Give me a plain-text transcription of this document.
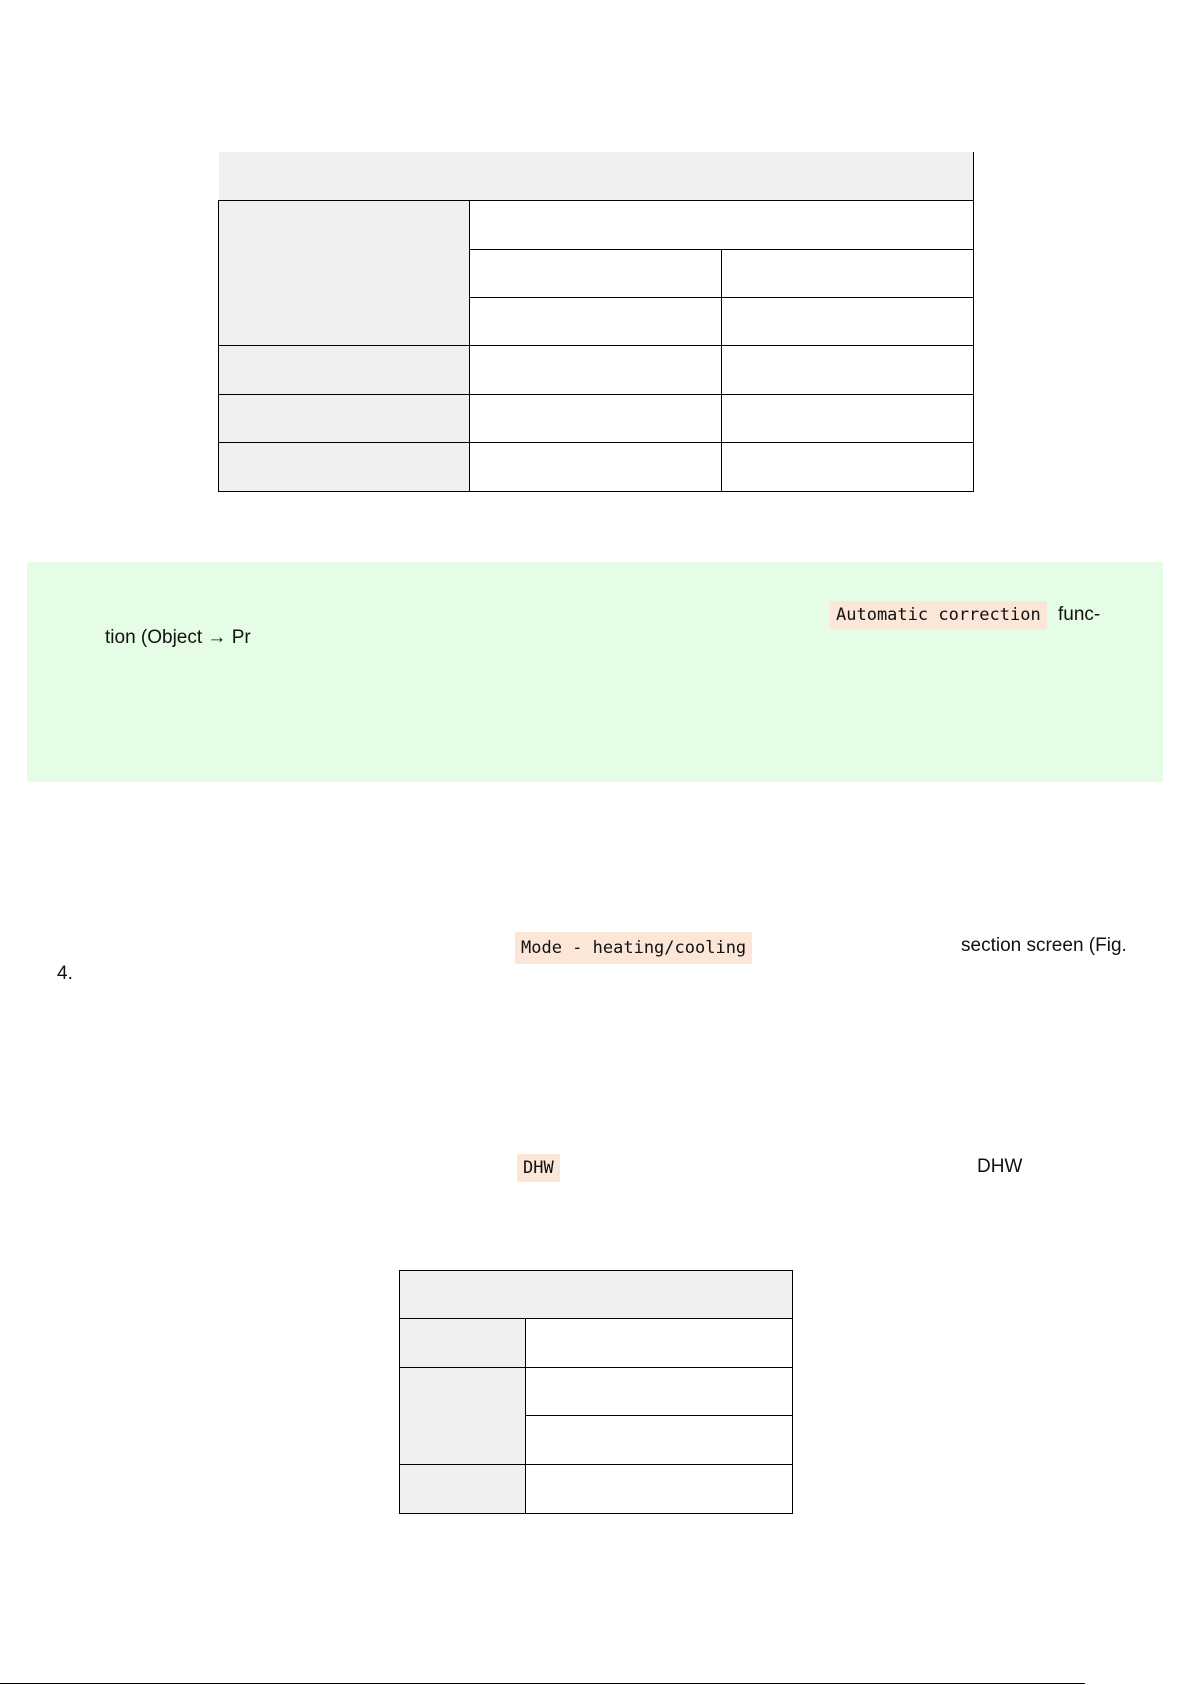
Automatic correction func-
tion (Object → Pr
Mode - heating/cooling	section screen (Fig.
4.
DHW	DHW
